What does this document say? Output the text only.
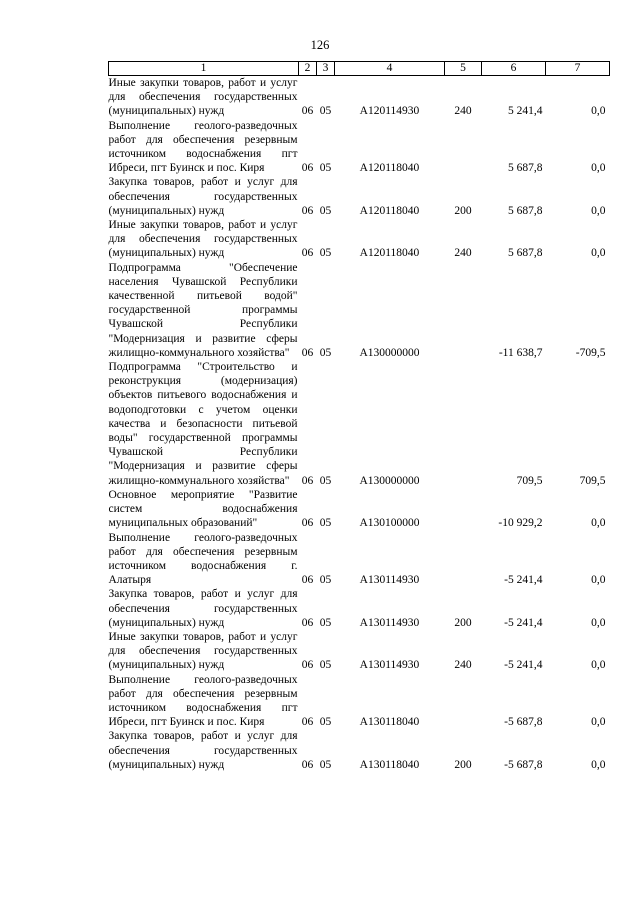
126
1	2	3	4	5	6	7
Иные закупки товаров, работ и услуг для обеспечения государственных (муниципальных) нужд	06	05	A120114930	240	5 241,4	0,0
Выполнение геолого-разведочных работ для обеспечения резервным источником водоснабжения пгт Ибреси, пгт Буинск и пос. Киря	06	05	A120118040		5 687,8	0,0
Закупка товаров, работ и услуг для обеспечения государственных (муниципальных) нужд	06	05	A120118040	200	5 687,8	0,0
Иные закупки товаров, работ и услуг для обеспечения государственных (муниципальных) нужд	06	05	A120118040	240	5 687,8	0,0
Подпрограмма "Обеспечение населения Чувашской Республики качественной питьевой водой" государственной программы Чувашской Республики "Модернизация и развитие сферы жилищно-коммунального хозяйства"	06	05	A130000000		-11 638,7	-709,5
Подпрограмма "Строительство и реконструкция (модернизация) объектов питьевого водоснабжения и водоподготовки с учетом оценки качества и безопасности питьевой воды" государственной программы Чувашской Республики "Модернизация и развитие сферы жилищно-коммунального хозяйства"	06	05	A130000000		709,5	709,5
Основное мероприятие "Развитие систем водоснабжения муниципальных образований"	06	05	A130100000		-10 929,2	0,0
Выполнение геолого-разведочных работ для обеспечения резервным источником водоснабжения г. Алатыря	06	05	A130114930		-5 241,4	0,0
Закупка товаров, работ и услуг для обеспечения государственных (муниципальных) нужд	06	05	A130114930	200	-5 241,4	0,0
Иные закупки товаров, работ и услуг для обеспечения государственных (муниципальных) нужд	06	05	A130114930	240	-5 241,4	0,0
Выполнение геолого-разведочных работ для обеспечения резервным источником водоснабжения пгт Ибреси, пгт Буинск и пос. Киря	06	05	A130118040		-5 687,8	0,0
Закупка товаров, работ и услуг для обеспечения государственных (муниципальных) нужд	06	05	A130118040	200	-5 687,8	0,0
